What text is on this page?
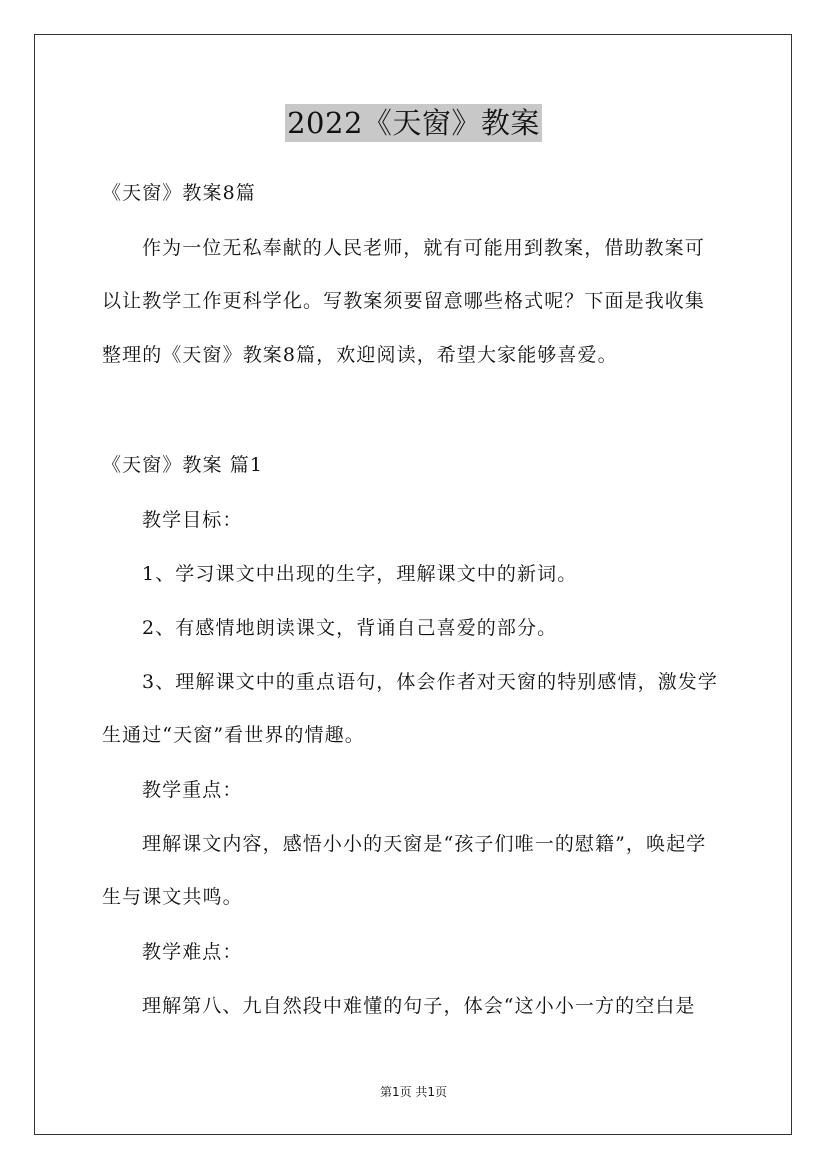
2022《天窗》教案
《天窗》教案8篇
作为一位无私奉献的人民老师，就有可能用到教案，借助教案可
以让教学工作更科学化。写教案须要留意哪些格式呢？下面是我收集
整理的《天窗》教案8篇，欢迎阅读，希望大家能够喜爱。
《天窗》教案 篇1
教学目标：
1、学习课文中出现的生字，理解课文中的新词。
2、有感情地朗读课文，背诵自己喜爱的部分。
3、理解课文中的重点语句，体会作者对天窗的特别感情，激发学
生通过“天窗”看世界的情趣。
教学重点：
理解课文内容，感悟小小的天窗是“孩子们唯一的慰籍”，唤起学
生与课文共鸣。
教学难点：
理解第八、九自然段中难懂的句子，体会“这小小一方的空白是
第1页 共1页
